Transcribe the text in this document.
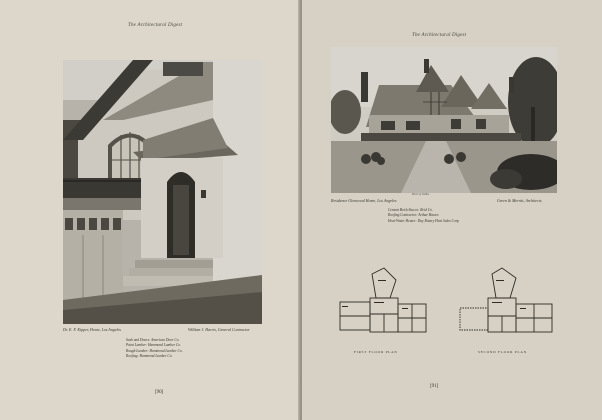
The Architectural Digest
Dr. E. F. Kipper, Home, Los Angeles	William J. Harris, General Contractor
Sash and Doors: American Door Co.
Paint Lumber: Hammond Lumber Co.
Rough Lumber: Hammond Lumber Co.
Roofing: Hammond Lumber Co.
[90]
The Architectural Digest
Photo by Padilla
Residence Glenwood Home, Los Angeles	Green & Merritt, Architects
Cement Brick Stucco: Reid Co.
Roofing Contractor: Arthur Hawes
Heat-Water Heater: Day Rotary Heat Sales Corp
FIRST FLOOR PLAN	SECOND FLOOR PLAN
[91]
